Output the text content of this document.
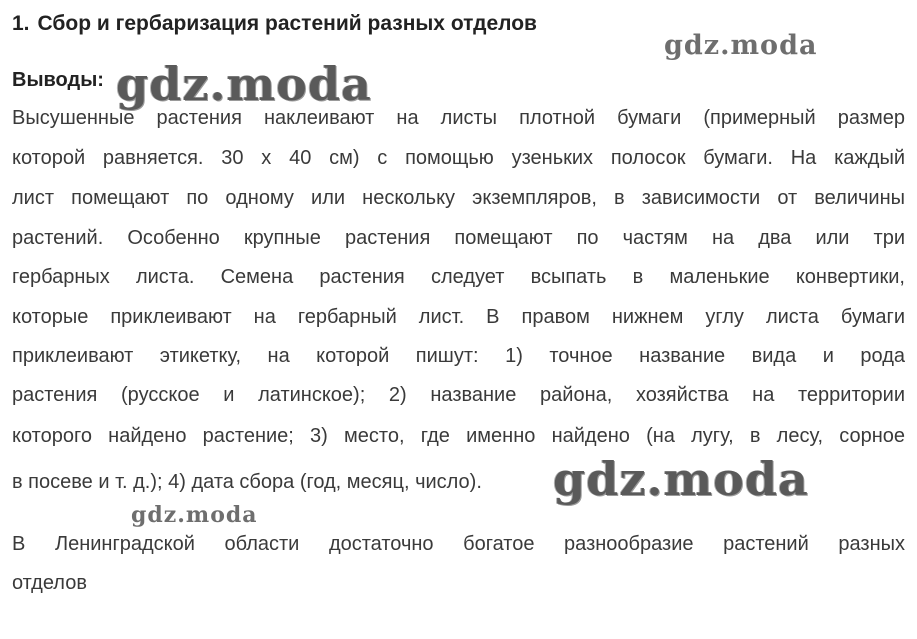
1. Сбор и гербаризация растений разных отделов
Выводы:
Высушенные растения наклеивают на листы плотной бумаги (примерный размер
которой равняется. 30 х 40 см) с помощью узеньких полосок бумаги. На каждый
лист помещают по одному или нескольку экземпляров, в зависимости от величины
растений. Особенно крупные растения помещают по частям на два или три
гербарных листа. Семена растения следует всыпать в маленькие конвертики,
которые приклеивают на гербарный лист. В правом нижнем углу листа бумаги
приклеивают этикетку, на которой пишут: 1) точное название вида и рода
растения (русское и латинское); 2) название района, хозяйства на территории
которого найдено растение; 3) место, где именно найдено (на лугу, в лесу, сорное
в посеве и т. д.); 4) дата сбора (год, месяц, число).
В Ленинградской области достаточно богатое разнообразие растений разных
отделов
gdz.moda
gdz.moda
gdz.moda
gdz.moda
